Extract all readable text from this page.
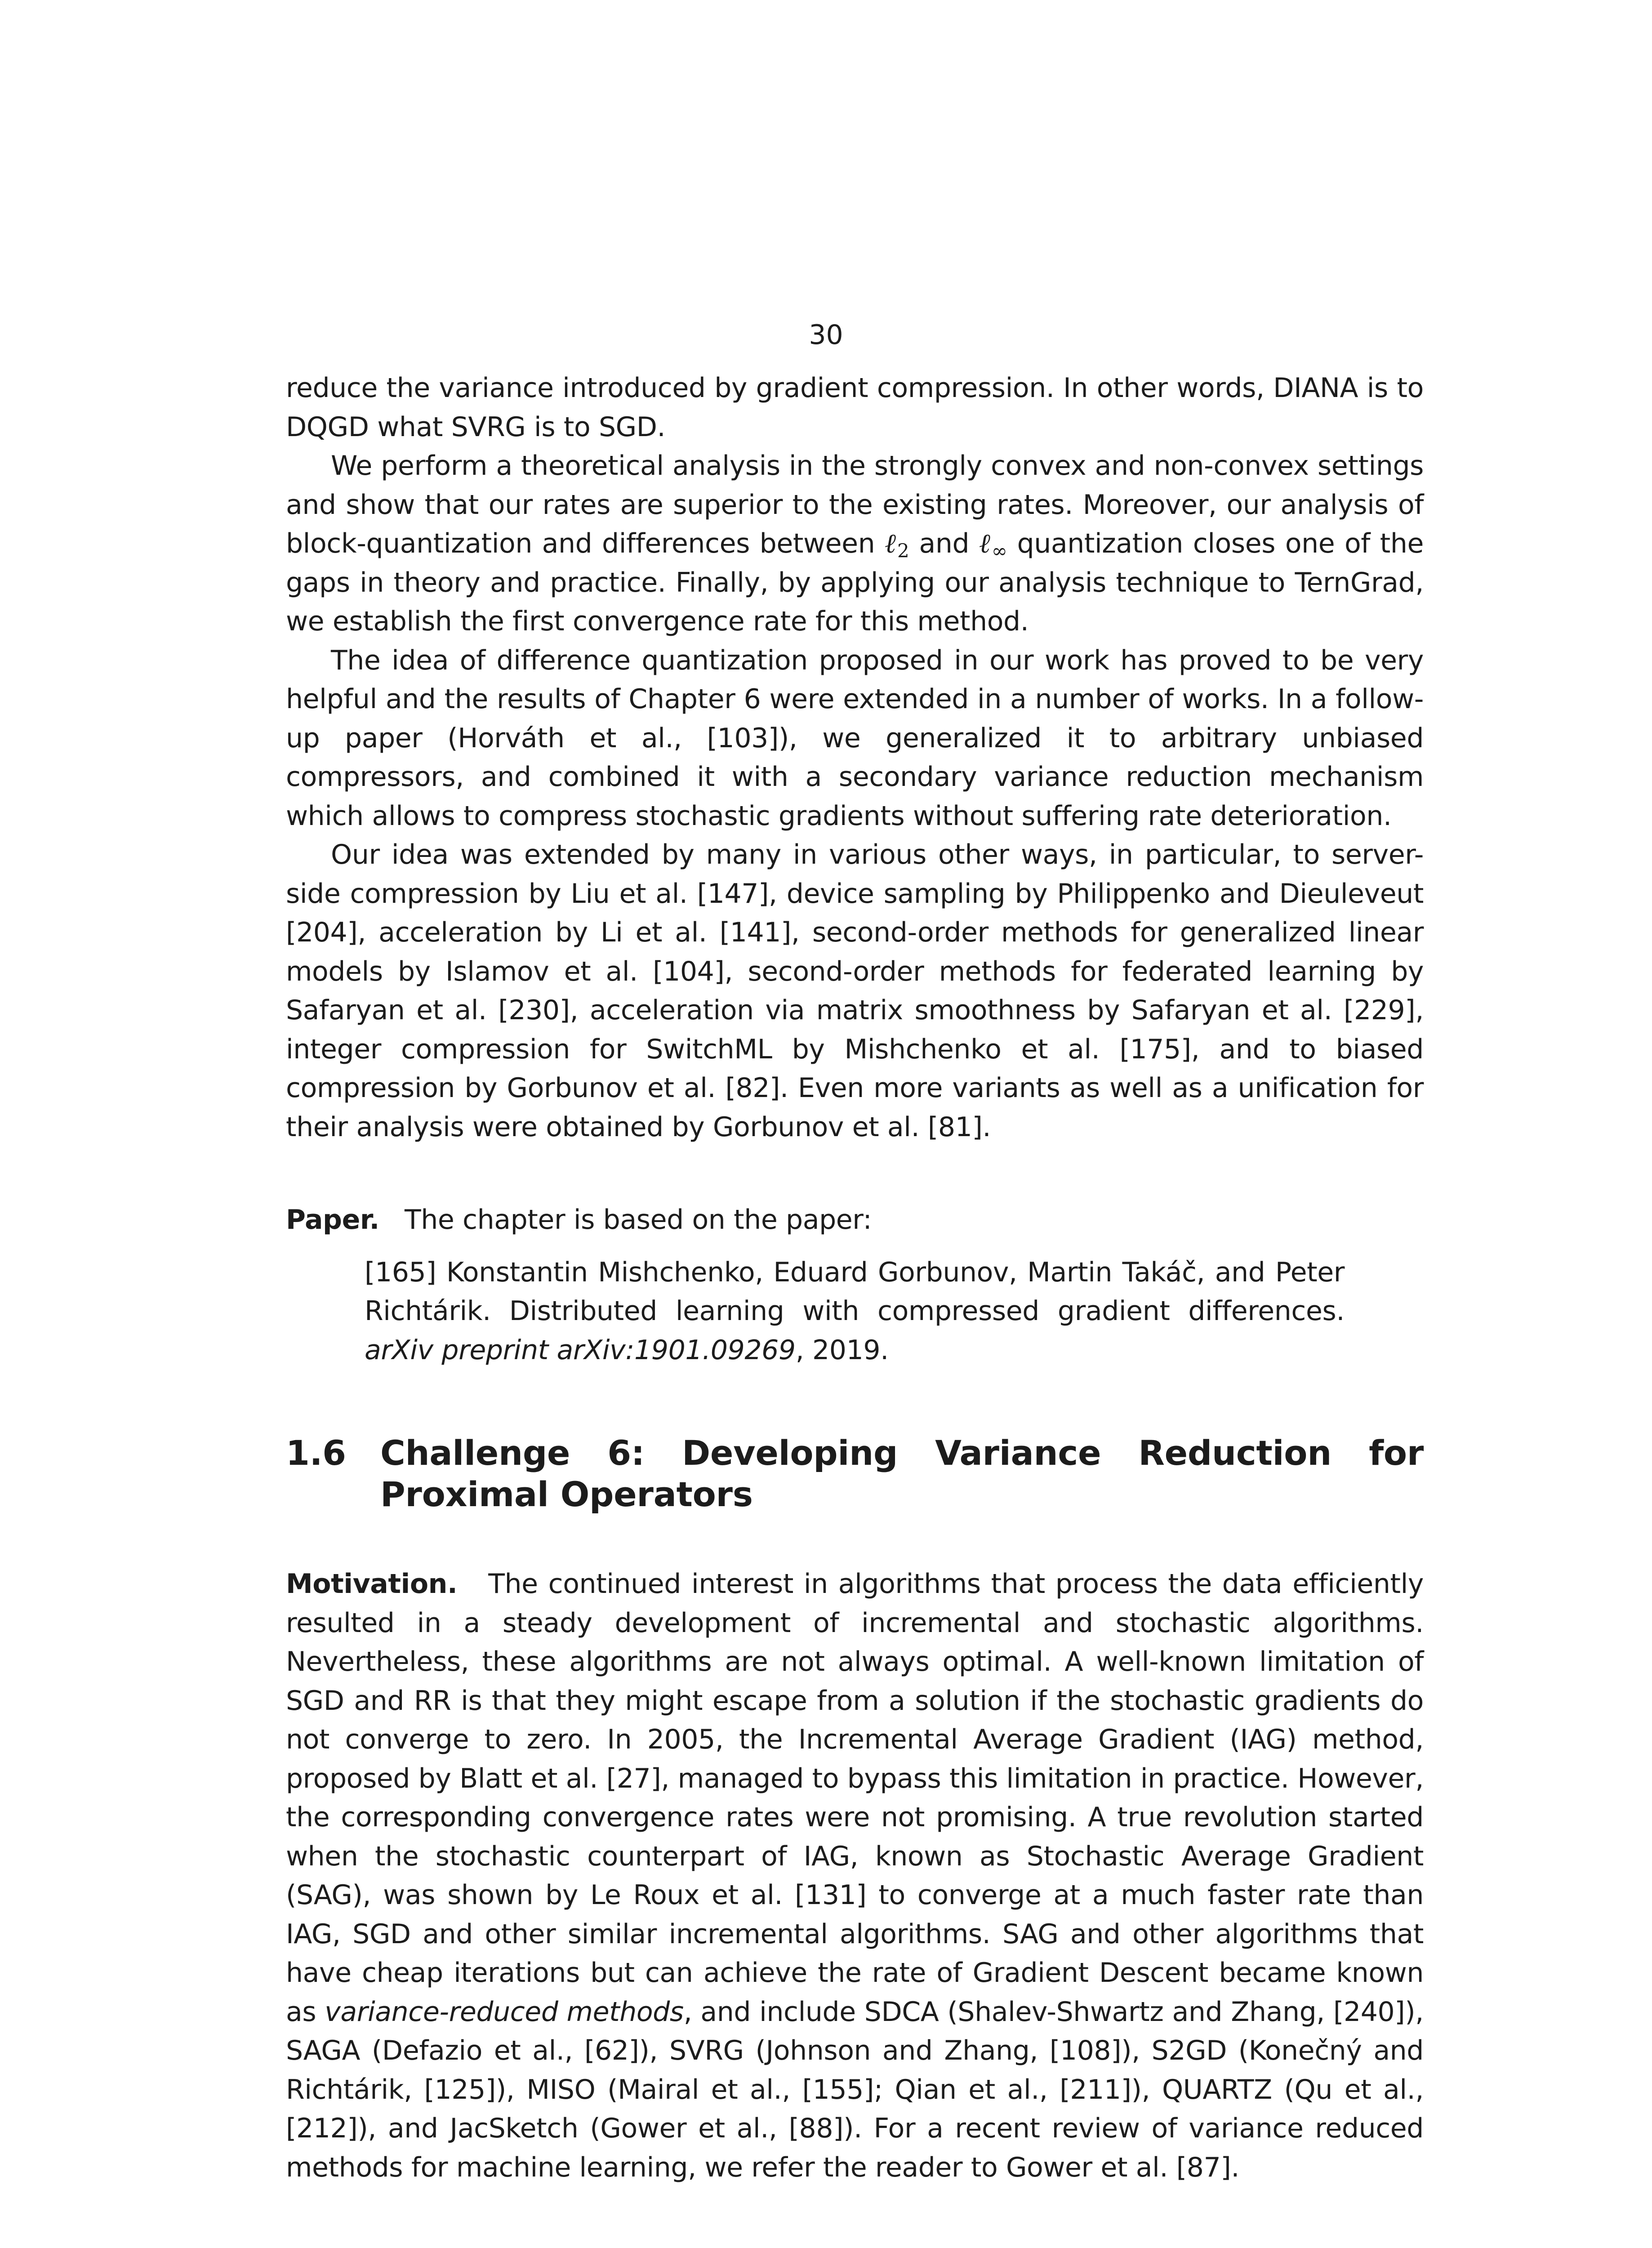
30

reduce the variance introduced by gradient compression. In other words, DIANA is to DQGD what SVRG is to SGD.

We perform a theoretical analysis in the strongly convex and non-convex settings and show that our rates are superior to the existing rates. Moreover, our analysis of block-quantization and differences between ℓ$_2$ and ℓ$_\infty$ quantization closes one of the gaps in theory and practice. Finally, by applying our analysis technique to TernGrad, we establish the first convergence rate for this method.

The idea of difference quantization proposed in our work has proved to be very helpful and the results of Chapter 6 were extended in a number of works. In a follow-up paper (Horváth et al., [103]), we generalized it to arbitrary unbiased compressors, and combined it with a secondary variance reduction mechanism which allows to compress stochastic gradients without suffering rate deterioration.

Our idea was extended by many in various other ways, in particular, to server-side compression by Liu et al. [147], device sampling by Philippenko and Dieuleveut [204], acceleration by Li et al. [141], second-order methods for generalized linear models by Islamov et al. [104], second-order methods for federated learning by Safaryan et al. [230], acceleration via matrix smoothness by Safaryan et al. [229], integer compression for SwitchML by Mishchenko et al. [175], and to biased compression by Gorbunov et al. [82]. Even more variants as well as a unification for their analysis were obtained by Gorbunov et al. [81].

Paper. The chapter is based on the paper:

[165] Konstantin Mishchenko, Eduard Gorbunov, Martin Takáč, and Peter Richtárik. Distributed learning with compressed gradient differences. arXiv preprint arXiv:1901.09269, 2019.

1.6	Challenge 6: Developing Variance Reduction for Proximal Operators

Motivation. The continued interest in algorithms that process the data efficiently resulted in a steady development of incremental and stochastic algorithms. Nevertheless, these algorithms are not always optimal. A well-known limitation of SGD and RR is that they might escape from a solution if the stochastic gradients do not converge to zero. In 2005, the Incremental Average Gradient (IAG) method, proposed by Blatt et al. [27], managed to bypass this limitation in practice. However, the corresponding convergence rates were not promising. A true revolution started when the stochastic counterpart of IAG, known as Stochastic Average Gradient (SAG), was shown by Le Roux et al. [131] to converge at a much faster rate than IAG, SGD and other similar incremental algorithms. SAG and other algorithms that have cheap iterations but can achieve the rate of Gradient Descent became known as variance-reduced methods, and include SDCA (Shalev-Shwartz and Zhang, [240]), SAGA (Defazio et al., [62]), SVRG (Johnson and Zhang, [108]), S2GD (Konečný and Richtárik, [125]), MISO (Mairal et al., [155]; Qian et al., [211]), QUARTZ (Qu et al., [212]), and JacSketch (Gower et al., [88]). For a recent review of variance reduced methods for machine learning, we refer the reader to Gower et al. [87].
